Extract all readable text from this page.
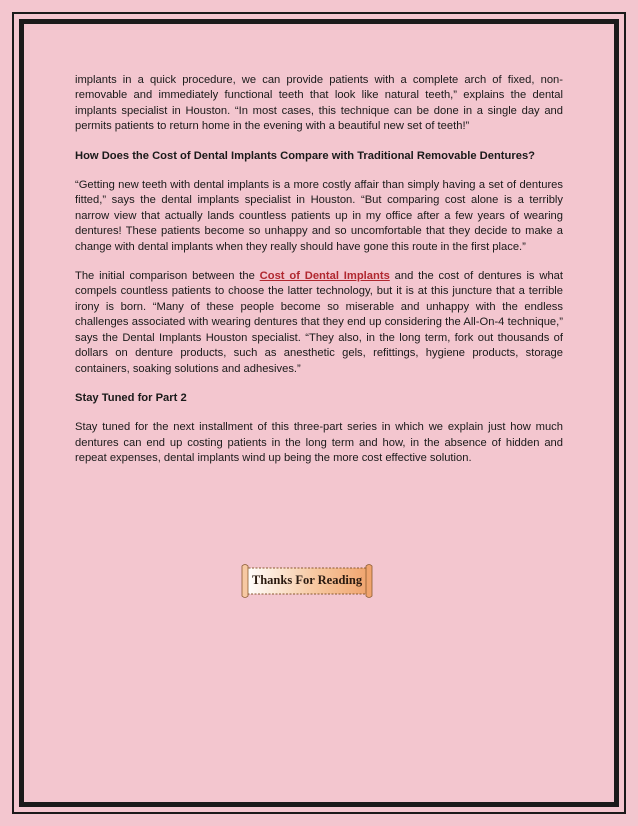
implants in a quick procedure, we can provide patients with a complete arch of fixed, non-removable and immediately functional teeth that look like natural teeth,” explains the dental implants specialist in Houston. “In most cases, this technique can be done in a single day and permits patients to return home in the evening with a beautiful new set of teeth!”

How Does the Cost of Dental Implants Compare with Traditional Removable Dentures?

“Getting new teeth with dental implants is a more costly affair than simply having a set of dentures fitted,” says the dental implants specialist in Houston. “But comparing cost alone is a terribly narrow view that actually lands countless patients up in my office after a few years of wearing dentures! These patients become so unhappy and so uncomfortable that they decide to make a change with dental implants when they really should have gone this route in the first place.”

The initial comparison between the Cost of Dental Implants and the cost of dentures is what compels countless patients to choose the latter technology, but it is at this juncture that a terrible irony is born. “Many of these people become so miserable and unhappy with the endless challenges associated with wearing dentures that they end up considering the All-On-4 technique,” says the Dental Implants Houston specialist. “They also, in the long term, fork out thousands of dollars on denture products, such as anesthetic gels, refittings, hygiene products, storage containers, soaking solutions and adhesives.”

Stay Tuned for Part 2

Stay tuned for the next installment of this three-part series in which we explain just how much dentures can end up costing patients in the long term and how, in the absence of hidden and repeat expenses, dental implants wind up being the more cost effective solution.

Thanks For Reading
